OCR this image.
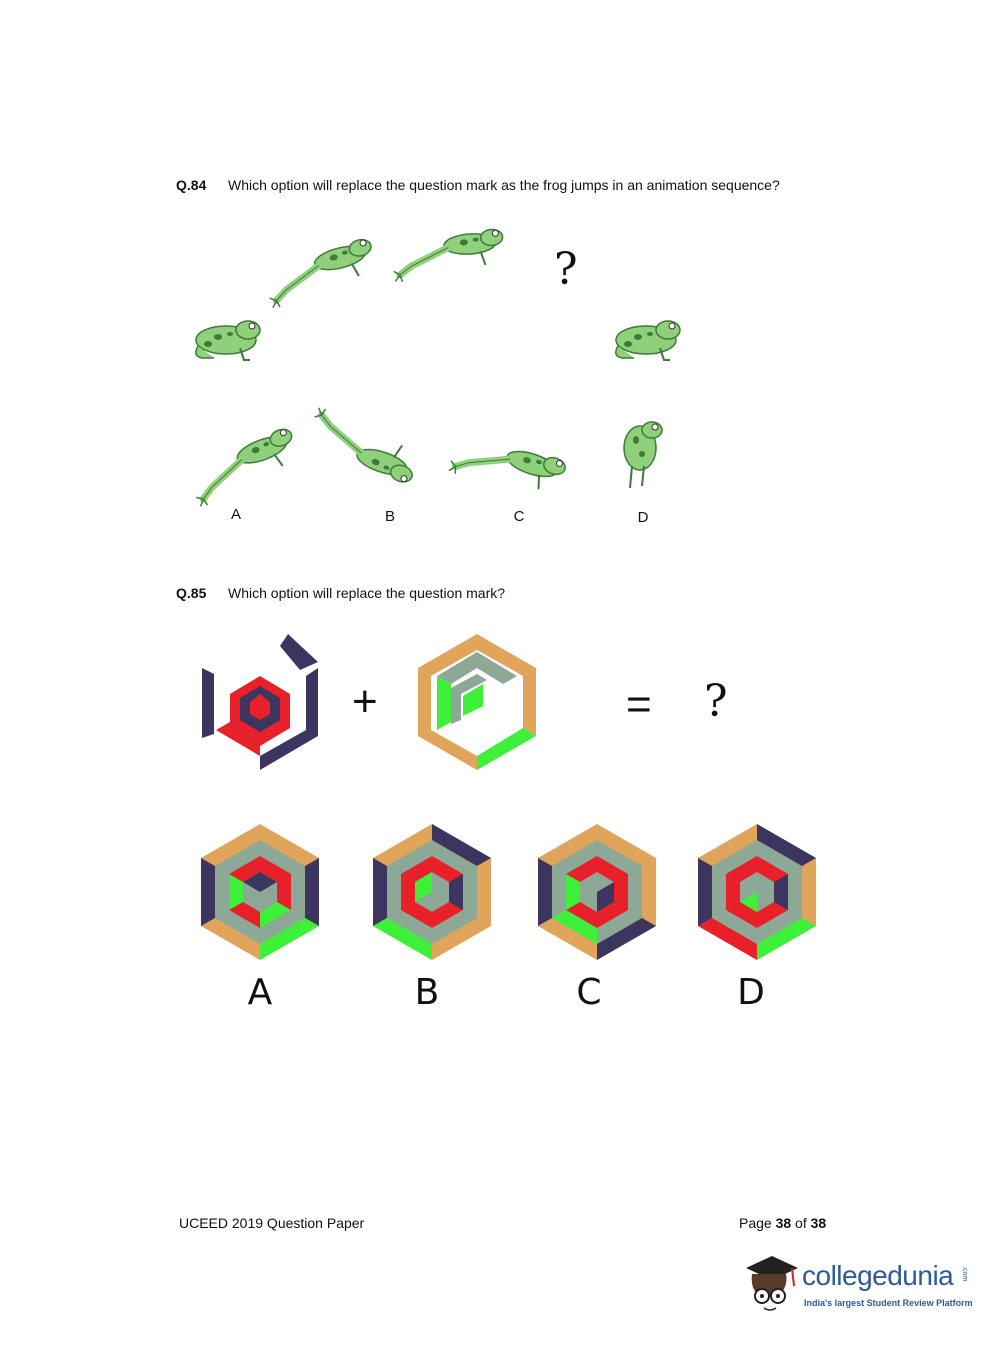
Q.84 Which option will replace the question mark as the frog jumps in an animation sequence?
?
A	B	C	D
Q.85 Which option will replace the question mark?
+	= ?
A	B	C	D
UCEED 2019 Question Paper	Page 38 of 38
collegedunia .com
India's largest Student Review Platform
